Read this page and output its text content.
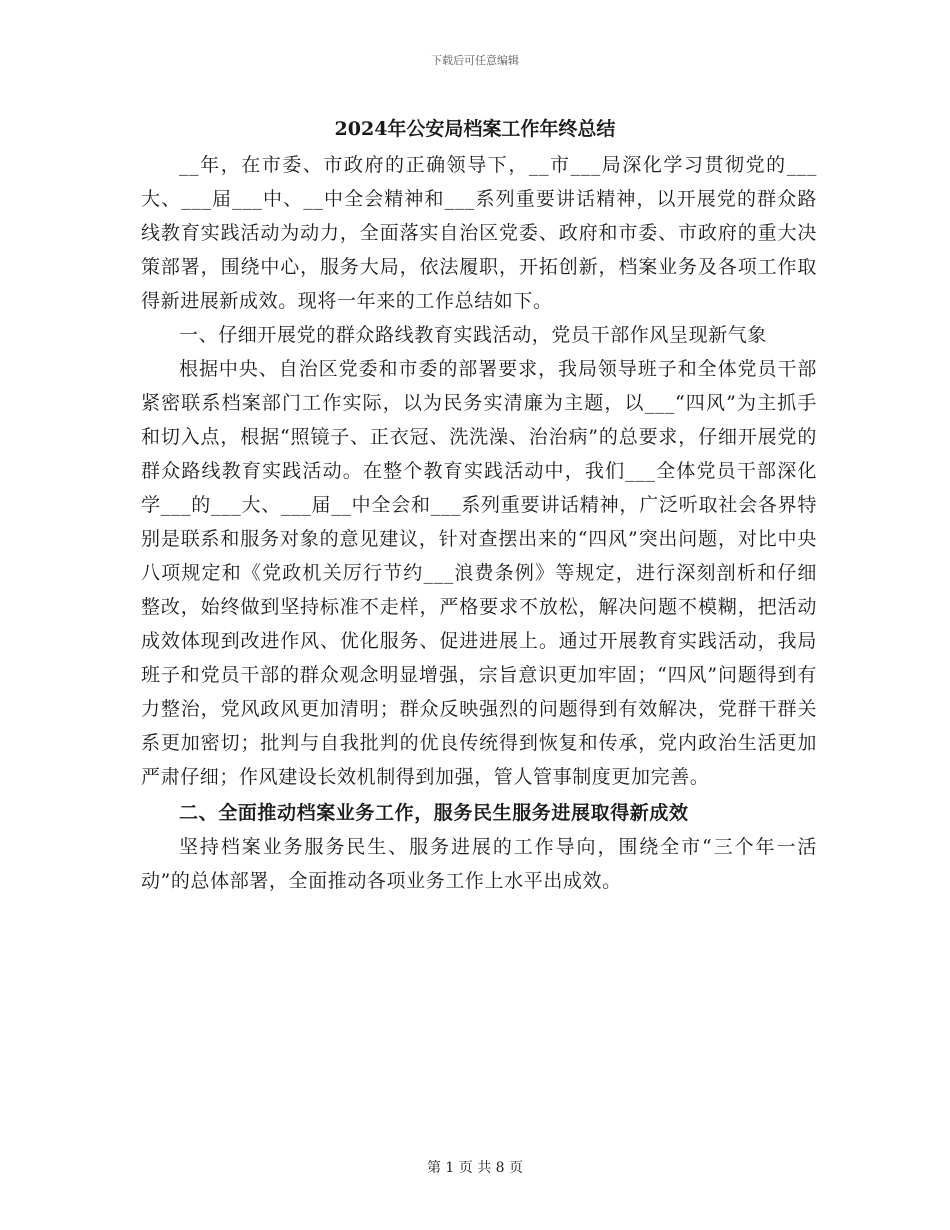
下载后可任意编辑
2024年公安局档案工作年终总结

__年，在市委、市政府的正确领导下，__市___局深化学习贯彻党的___大、___届___中、__中全会精神和___系列重要讲话精神，以开展党的群众路线教育实践活动为动力，全面落实自治区党委、政府和市委、市政府的重大决策部署，围绕中心，服务大局，依法履职，开拓创新，档案业务及各项工作取得新进展新成效。现将一年来的工作总结如下。

一、仔细开展党的群众路线教育实践活动，党员干部作风呈现新气象

根据中央、自治区党委和市委的部署要求，我局领导班子和全体党员干部紧密联系档案部门工作实际，以为民务实清廉为主题，以___“四风”为主抓手和切入点，根据“照镜子、正衣冠、洗洗澡、治治病”的总要求，仔细开展党的群众路线教育实践活动。在整个教育实践活动中，我们___全体党员干部深化学___的___大、___届__中全会和___系列重要讲话精神，广泛听取社会各界特别是联系和服务对象的意见建议，针对查摆出来的“四风”突出问题，对比中央八项规定和《党政机关厉行节约___浪费条例》等规定，进行深刻剖析和仔细整改，始终做到坚持标准不走样，严格要求不放松，解决问题不模糊，把活动成效体现到改进作风、优化服务、促进进展上。通过开展教育实践活动，我局班子和党员干部的群众观念明显增强，宗旨意识更加牢固；“四风”问题得到有力整治，党风政风更加清明；群众反映强烈的问题得到有效解决，党群干群关系更加密切；批判与自我批判的优良传统得到恢复和传承，党内政治生活更加严肃仔细；作风建设长效机制得到加强，管人管事制度更加完善。

二、全面推动档案业务工作，服务民生服务进展取得新成效

坚持档案业务服务民生、服务进展的工作导向，围绕全市“三个年一活动”的总体部署，全面推动各项业务工作上水平出成效。

第 1 页 共 8 页
